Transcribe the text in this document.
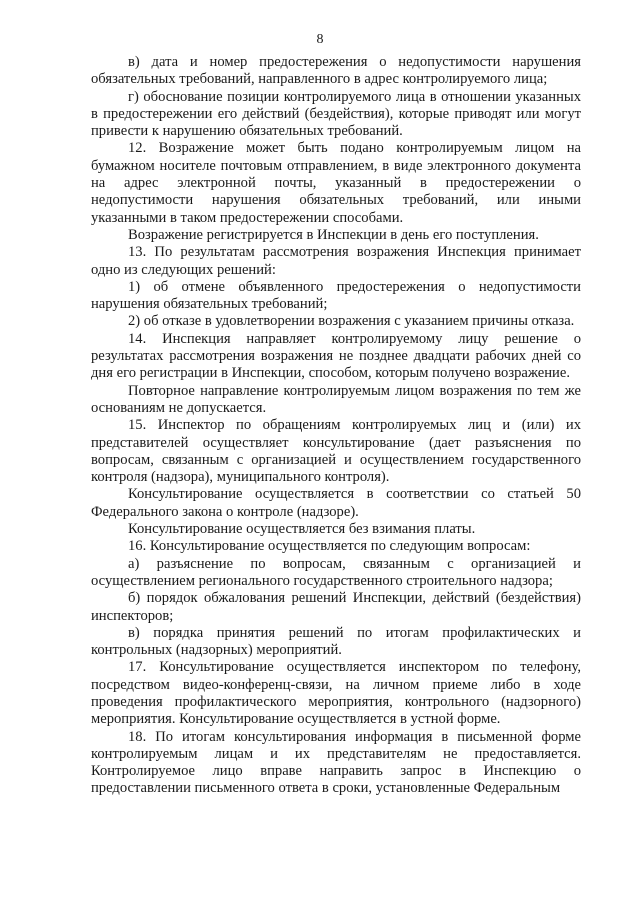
8

в) дата и номер предостережения о недопустимости нарушения обязательных требований, направленного в адрес контролируемого лица;

г) обоснование позиции контролируемого лица в отношении указанных в предостережении его действий (бездействия), которые приводят или могут привести к нарушению обязательных требований.

12. Возражение может быть подано контролируемым лицом на бумажном носителе почтовым отправлением, в виде электронного документа на адрес электронной почты, указанный в предостережении о недопустимости нарушения обязательных требований, или иными указанными в таком предостережении способами.

Возражение регистрируется в Инспекции в день его поступления.

13. По результатам рассмотрения возражения Инспекция принимает одно из следующих решений:

1) об отмене объявленного предостережения о недопустимости нарушения обязательных требований;

2) об отказе в удовлетворении возражения с указанием причины отказа.

14. Инспекция направляет контролируемому лицу решение о результатах рассмотрения возражения не позднее двадцати рабочих дней со дня его регистрации в Инспекции, способом, которым получено возражение.

Повторное направление контролируемым лицом возражения по тем же основаниям не допускается.

15. Инспектор по обращениям контролируемых лиц и (или) их представителей осуществляет консультирование (дает разъяснения по вопросам, связанным с организацией и осуществлением государственного контроля (надзора), муниципального контроля).

Консультирование осуществляется в соответствии со статьей 50 Федерального закона о контроле (надзоре).

Консультирование осуществляется без взимания платы.

16. Консультирование осуществляется по следующим вопросам:

а) разъяснение по вопросам, связанным с организацией и осуществлением регионального государственного строительного надзора;

б) порядок обжалования решений Инспекции, действий (бездействия) инспекторов;

в) порядка принятия решений по итогам профилактических и контрольных (надзорных) мероприятий.

17. Консультирование осуществляется инспектором по телефону, посредством видео-конференц-связи, на личном приеме либо в ходе проведения профилактического мероприятия, контрольного (надзорного) мероприятия. Консультирование осуществляется в устной форме.

18. По итогам консультирования информация в письменной форме контролируемым лицам и их представителям не предоставляется. Контролируемое лицо вправе направить запрос в Инспекцию о предоставлении письменного ответа в сроки, установленные Федеральным
